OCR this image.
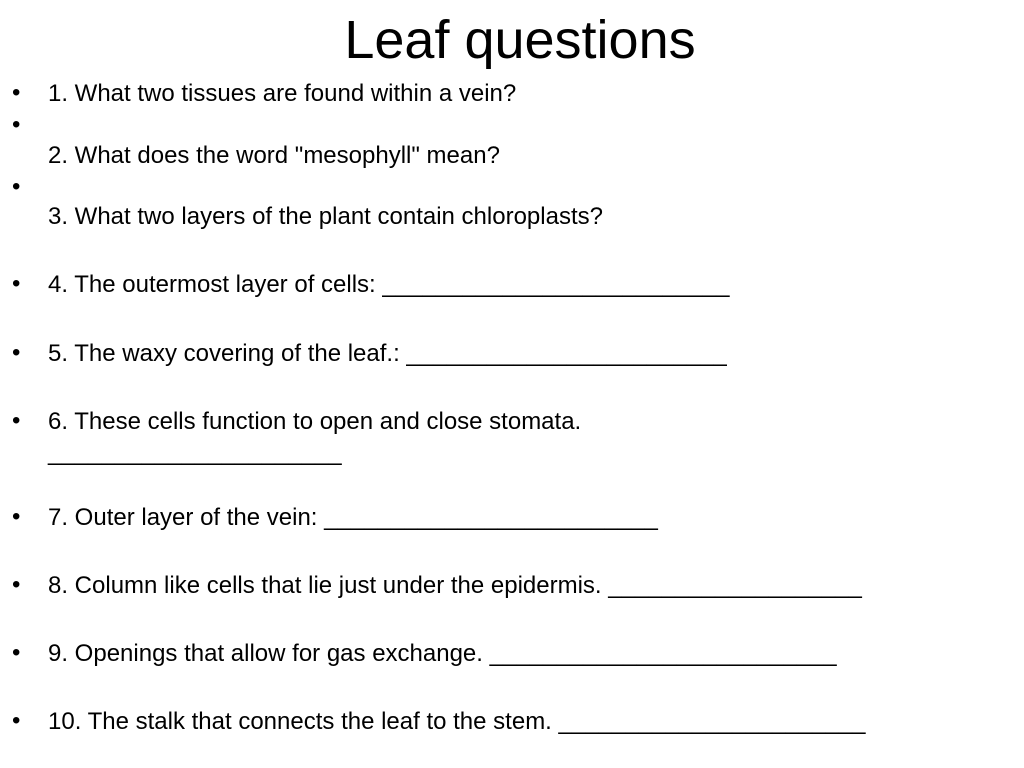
Leaf questions
• 1. What two tissues are found within a vein?

•

2. What does the word "mesophyll" mean?

•

3. What two layers of the plant contain chloroplasts?

• 4. The outermost layer of cells: __________________________

• 5. The waxy covering of the leaf.: ________________________

• 6. These cells function to open and close stomata.
______________________

• 7. Outer layer of the vein: _________________________

• 8. Column like cells that lie just under the epidermis. ___________________

• 9. Openings that allow for gas exchange. __________________________

• 10. The stalk that connects the leaf to the stem. _______________________
